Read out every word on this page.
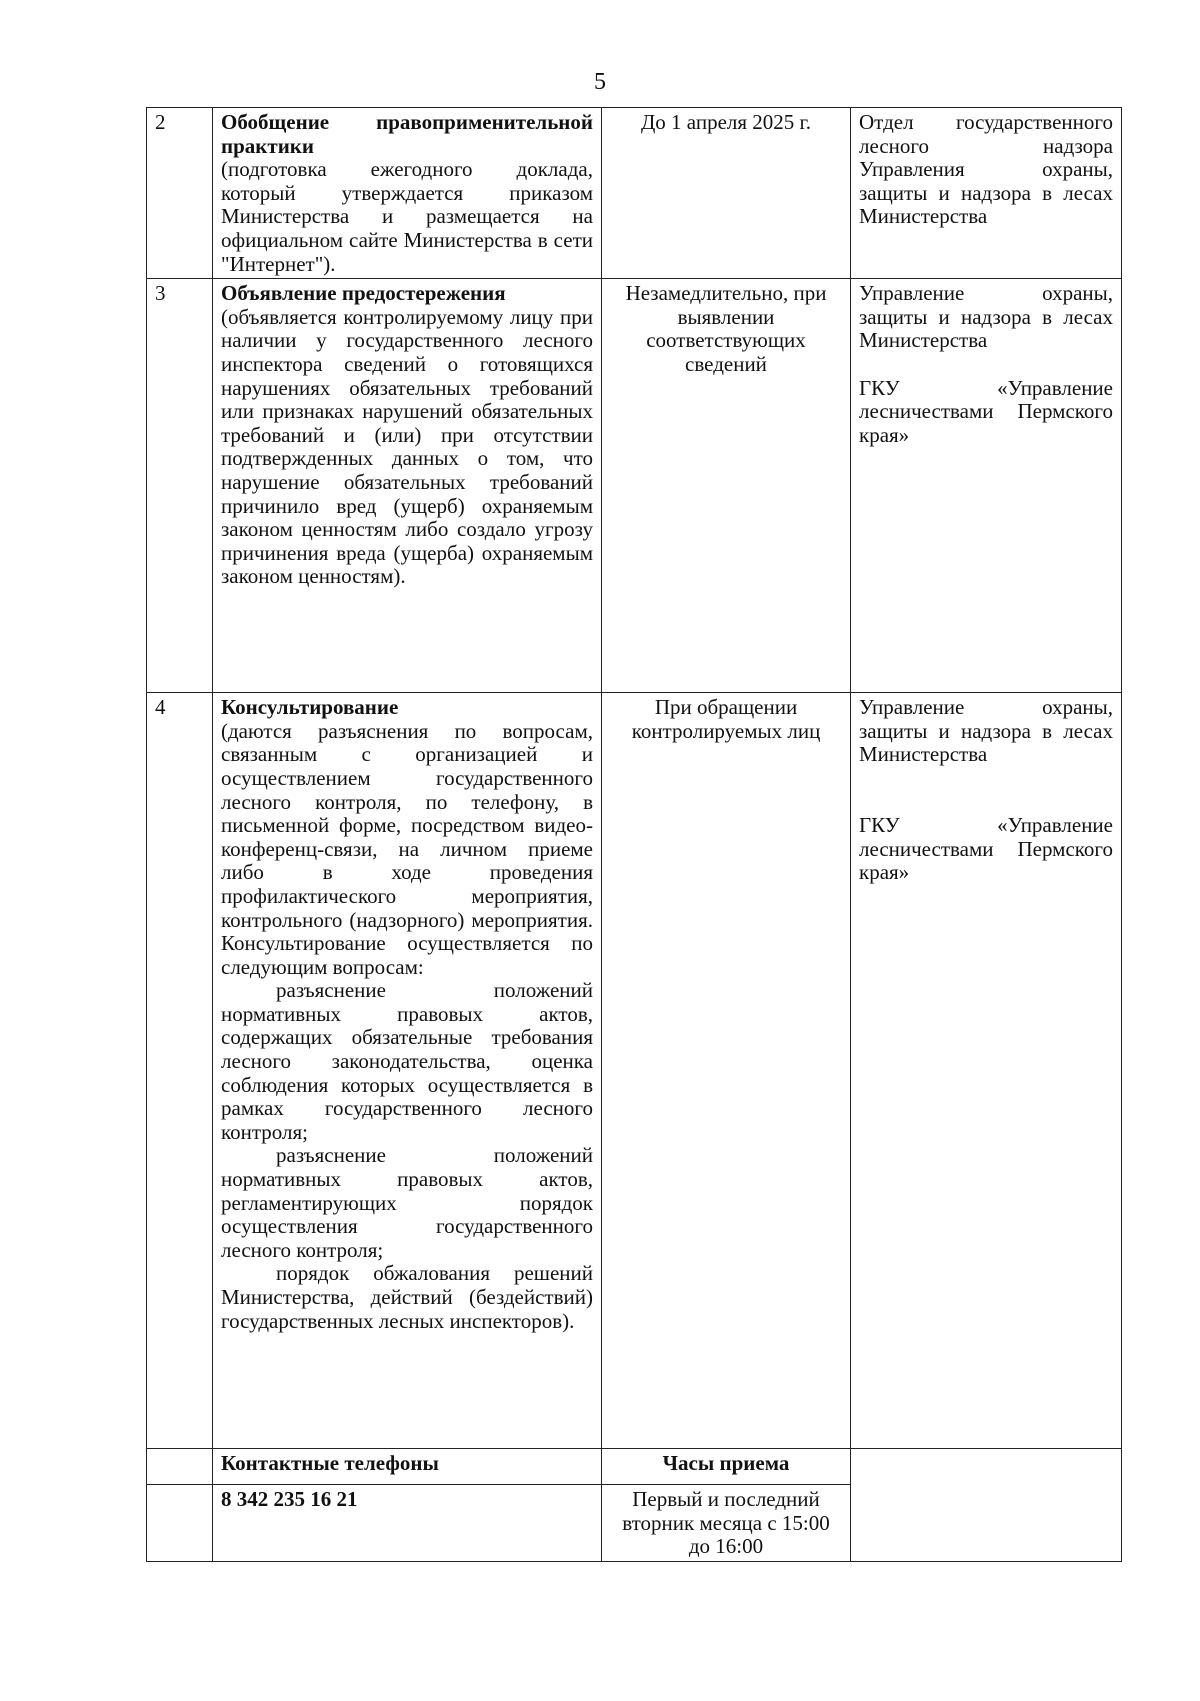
5
2	Обобщение правоприменительной практики
(подготовка ежегодного доклада, который утверждается приказом Министерства и размещается на официальном сайте Министерства в сети "Интернет").	До 1 апреля 2025 г.	Отдел государственного лесного надзора Управления охраны, защиты и надзора в лесах Министерства

3	Объявление предостережения
(объявляется контролируемому лицу при наличии у государственного лесного инспектора сведений о готовящихся нарушениях обязательных требований или признаках нарушений обязательных требований и (или) при отсутствии подтвержденных данных о том, что нарушение обязательных требований причинило вред (ущерб) охраняемым законом ценностям либо создало угрозу причинения вреда (ущерба) охраняемым законом ценностям).	Незамедлительно, при выявлении соответствующих сведений	Управление охраны, защиты и надзора в лесах Министерства
ГКУ «Управление лесничествами Пермского края»

4	Консультирование
(даются разъяснения по вопросам, связанным с организацией и осуществлением государственного лесного контроля, по телефону, в письменной форме, посредством видео-конференц-связи, на личном приеме либо в ходе проведения профилактического мероприятия, контрольного (надзорного) мероприятия. Консультирование осуществляется по следующим вопросам:
разъяснение положений нормативных правовых актов, содержащих обязательные требования лесного законодательства, оценка соблюдения которых осуществляется в рамках государственного лесного контроля;
разъяснение положений нормативных правовых актов, регламентирующих порядок осуществления государственного лесного контроля;
порядок обжалования решений Министерства, действий (бездействий) государственных лесных инспекторов).	При обращении контролируемых лиц	Управление охраны, защиты и надзора в лесах Министерства
ГКУ «Управление лесничествами Пермского края»

	Контактные телефоны	Часы приема	
	8 342 235 16 21	Первый и последний вторник месяца с 15:00 до 16:00	
